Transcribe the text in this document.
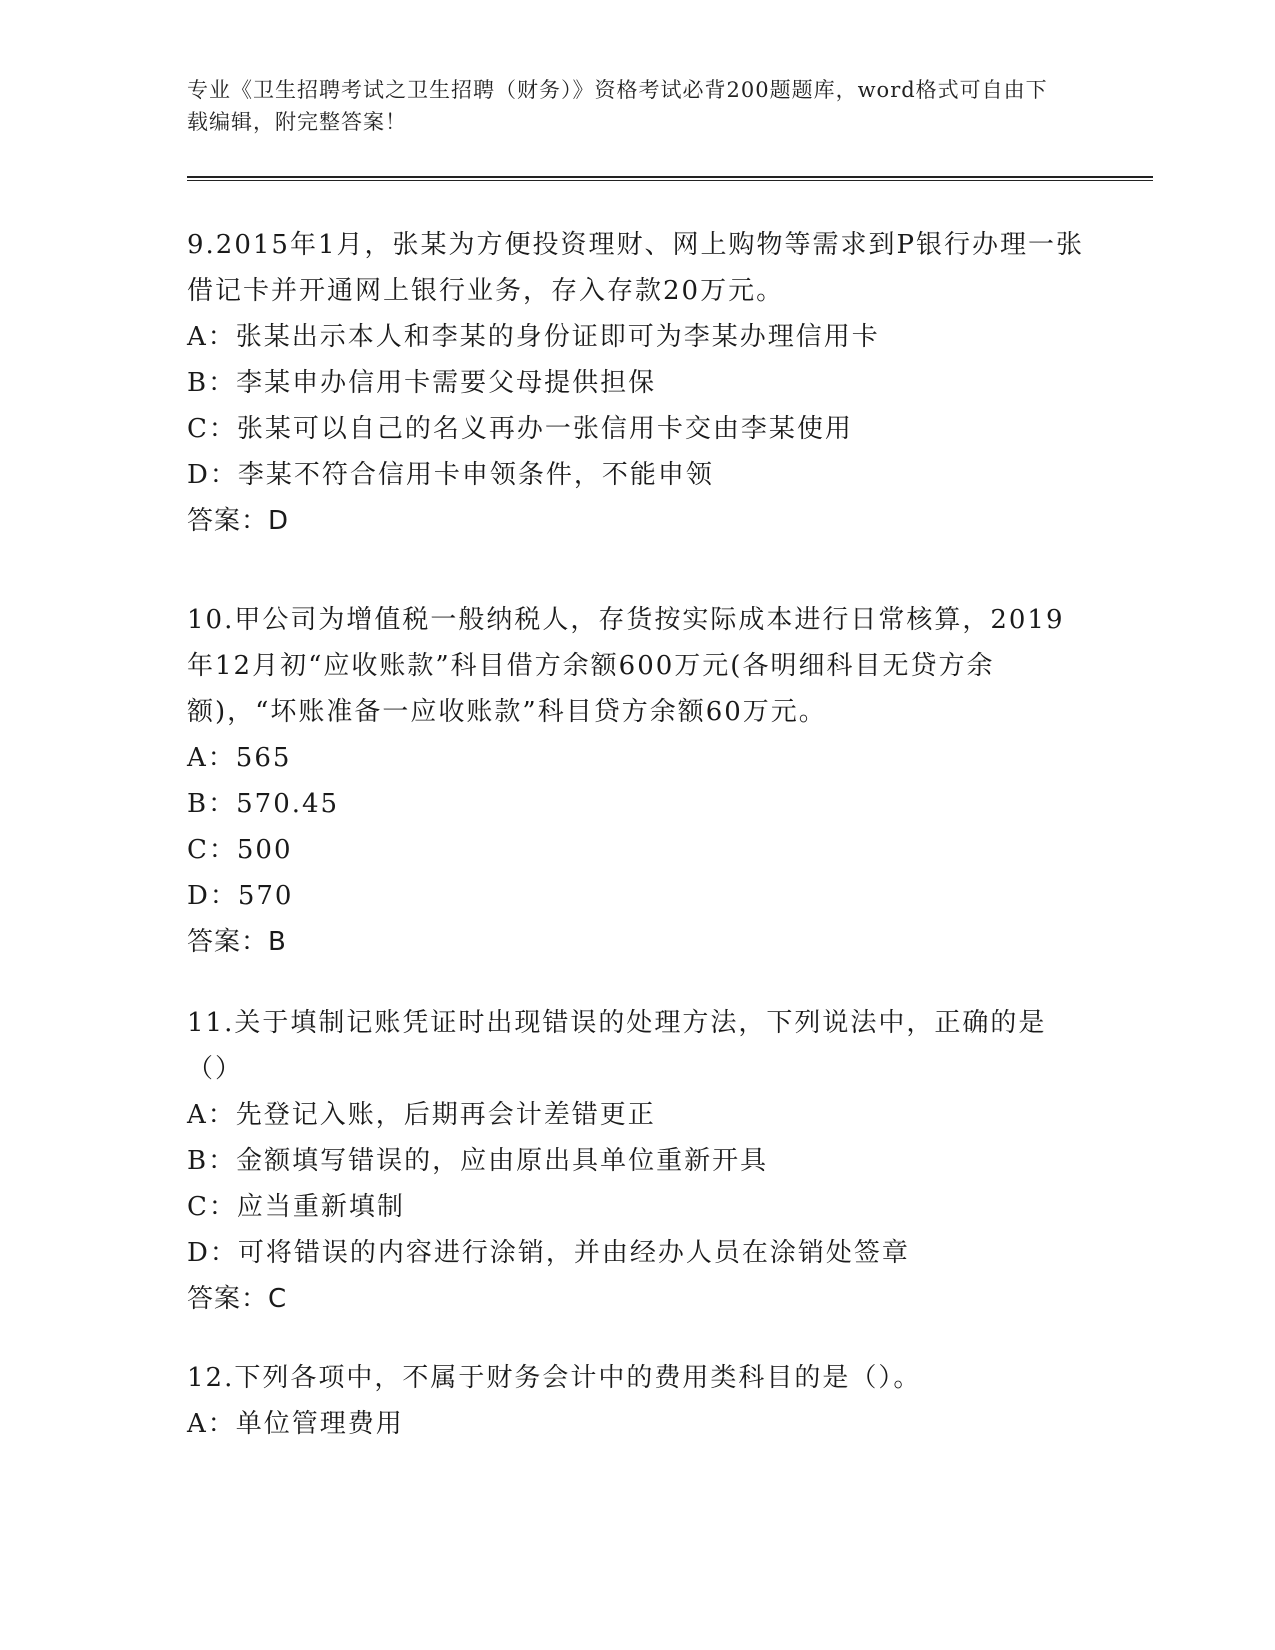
专业《卫生招聘考试之卫生招聘（财务）》资格考试必背200题题库，word格式可自由下载编辑，附完整答案！

9.2015年1月，张某为方便投资理财、网上购物等需求到P银行办理一张借记卡并开通网上银行业务，存入存款20万元。

A：张某出示本人和李某的身份证即可为李某办理信用卡

B：李某申办信用卡需要父母提供担保

C：张某可以自己的名义再办一张信用卡交由李某使用

D：李某不符合信用卡申领条件，不能申领

答案：D

10.甲公司为增值税一般纳税人，存货按实际成本进行日常核算，2019年12月初“应收账款”科目借方余额600万元(各明细科目无贷方余额)，“坏账准备一应收账款”科目贷方余额60万元。

A：565

B：570.45

C：500

D：570

答案：B

11.关于填制记账凭证时出现错误的处理方法，下列说法中，正确的是（）

A：先登记入账，后期再会计差错更正

B：金额填写错误的，应由原出具单位重新开具

C：应当重新填制

D：可将错误的内容进行涂销，并由经办人员在涂销处签章

答案：C

12.下列各项中，不属于财务会计中的费用类科目的是（）。

A：单位管理费用
